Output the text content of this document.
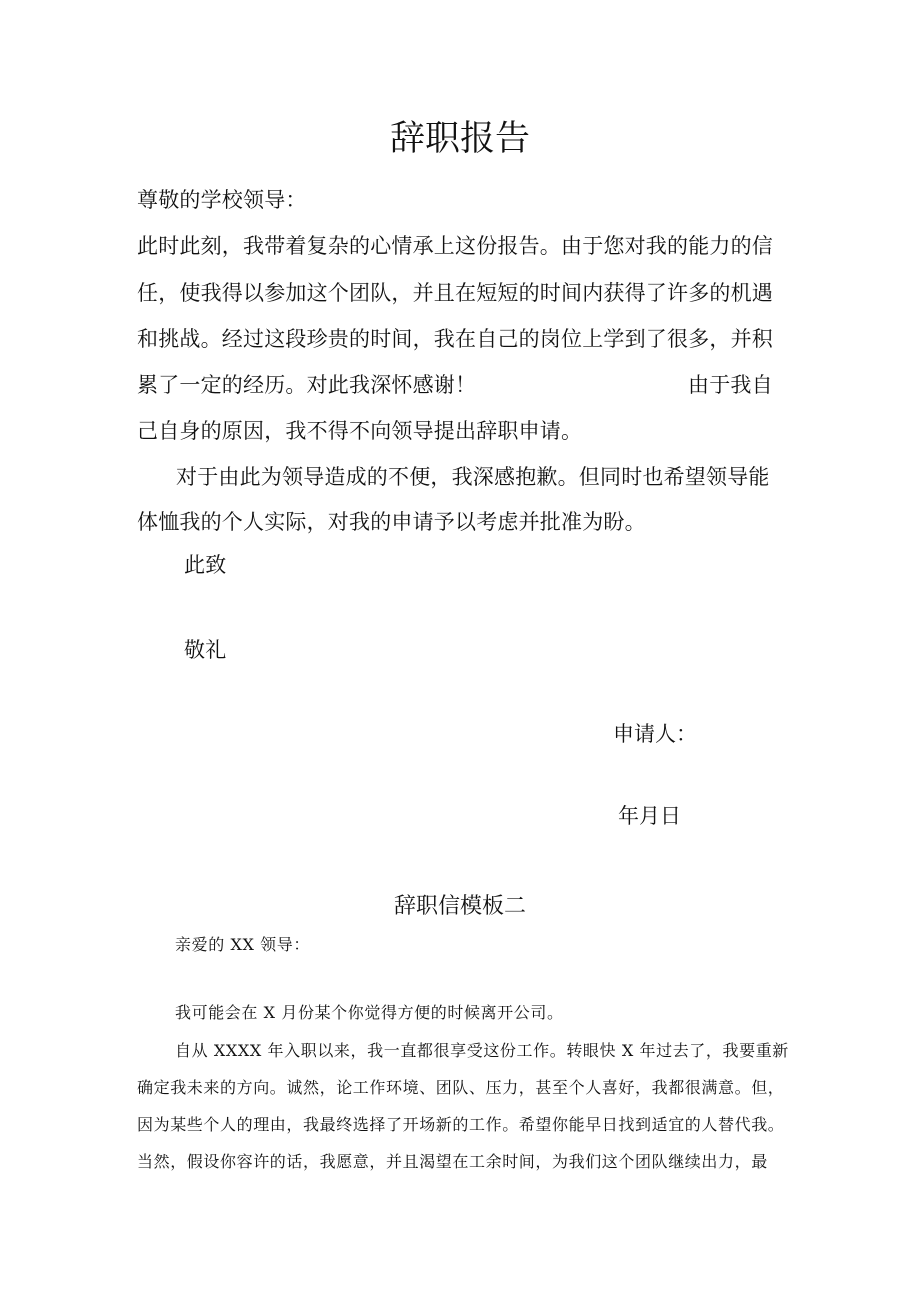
辞职报告
尊敬的学校领导：
此时此刻，我带着复杂的心情承上这份报告。由于您对我的能力的信
任，使我得以参加这个团队，并且在短短的时间内获得了许多的机遇
和挑战。经过这段珍贵的时间，我在自己的岗位上学到了很多，并积
累了一定的经历。对此我深怀感谢！	由于我自
己自身的原因，我不得不向领导提出辞职申请。
对于由此为领导造成的不便，我深感抱歉。但同时也希望领导能
体恤我的个人实际，对我的申请予以考虑并批准为盼。
此致
敬礼
申请人：
年月日
辞职信模板二
亲爱的 XX 领导：
我可能会在 X 月份某个你觉得方便的时候离开公司。
自从 XXXX 年入职以来，我一直都很享受这份工作。转眼快 X 年过去了，我要重新
确定我未来的方向。诚然，论工作环境、团队、压力，甚至个人喜好，我都很满意。但，
因为某些个人的理由，我最终选择了开场新的工作。希望你能早日找到适宜的人替代我。
当然，假设你容许的话，我愿意，并且渴望在工余时间，为我们这个团队继续出力，最
